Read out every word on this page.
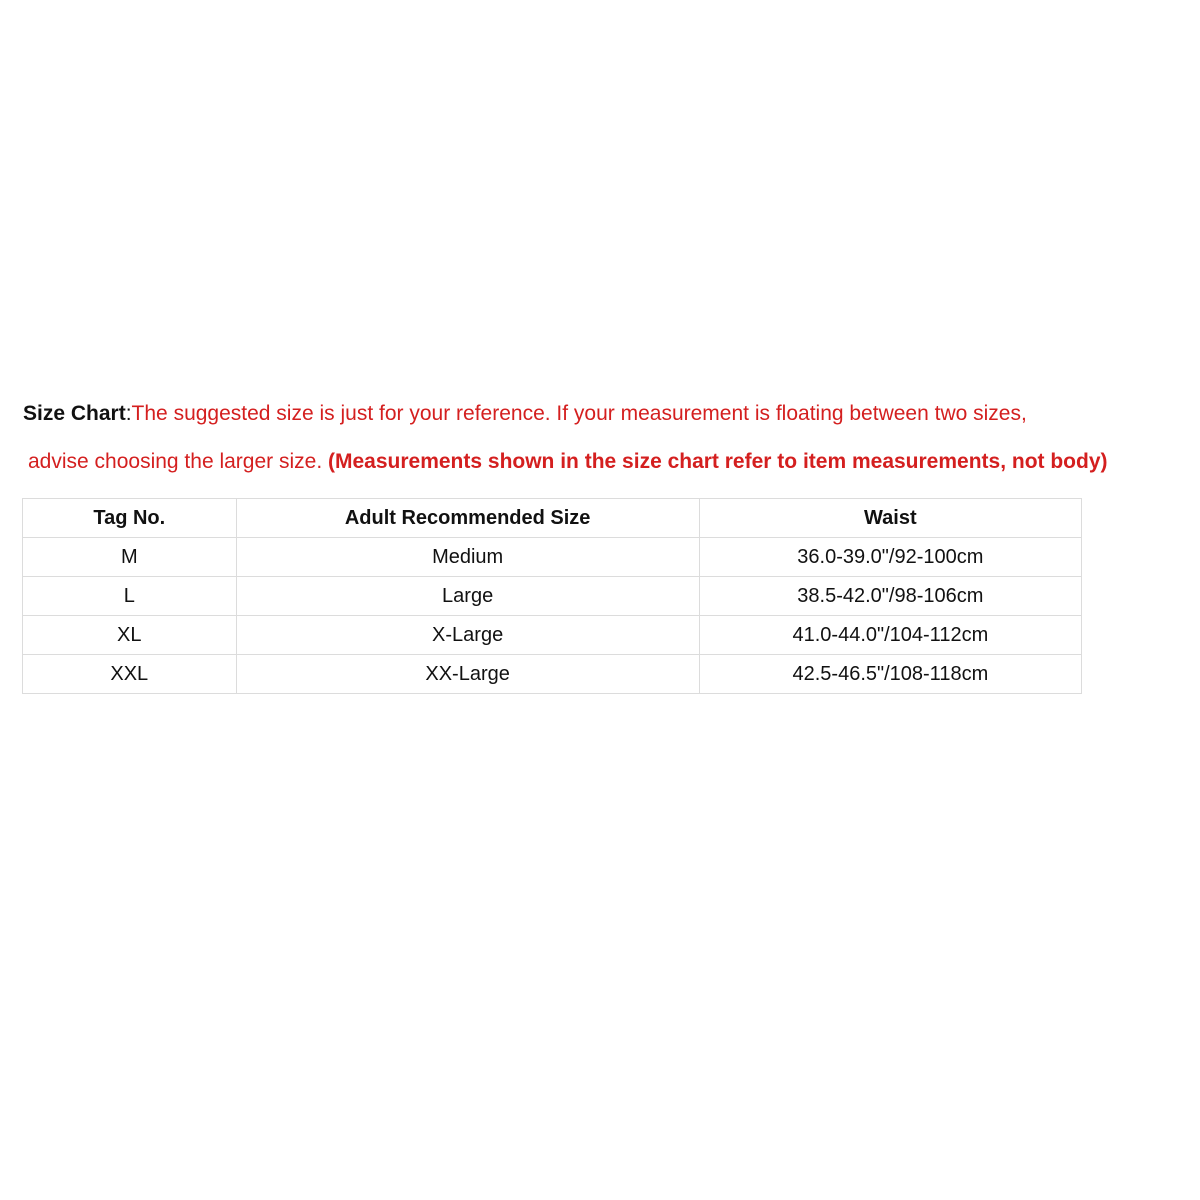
Size Chart:The suggested size is just for your reference. If your measurement is floating between two sizes,
advise choosing the larger size. (Measurements shown in the size chart refer to item measurements, not body)
Tag No.	Adult Recommended Size	Waist
M	Medium	36.0-39.0"/92-100cm
L	Large	38.5-42.0"/98-106cm
XL	X-Large	41.0-44.0"/104-112cm
XXL	XX-Large	42.5-46.5"/108-118cm
